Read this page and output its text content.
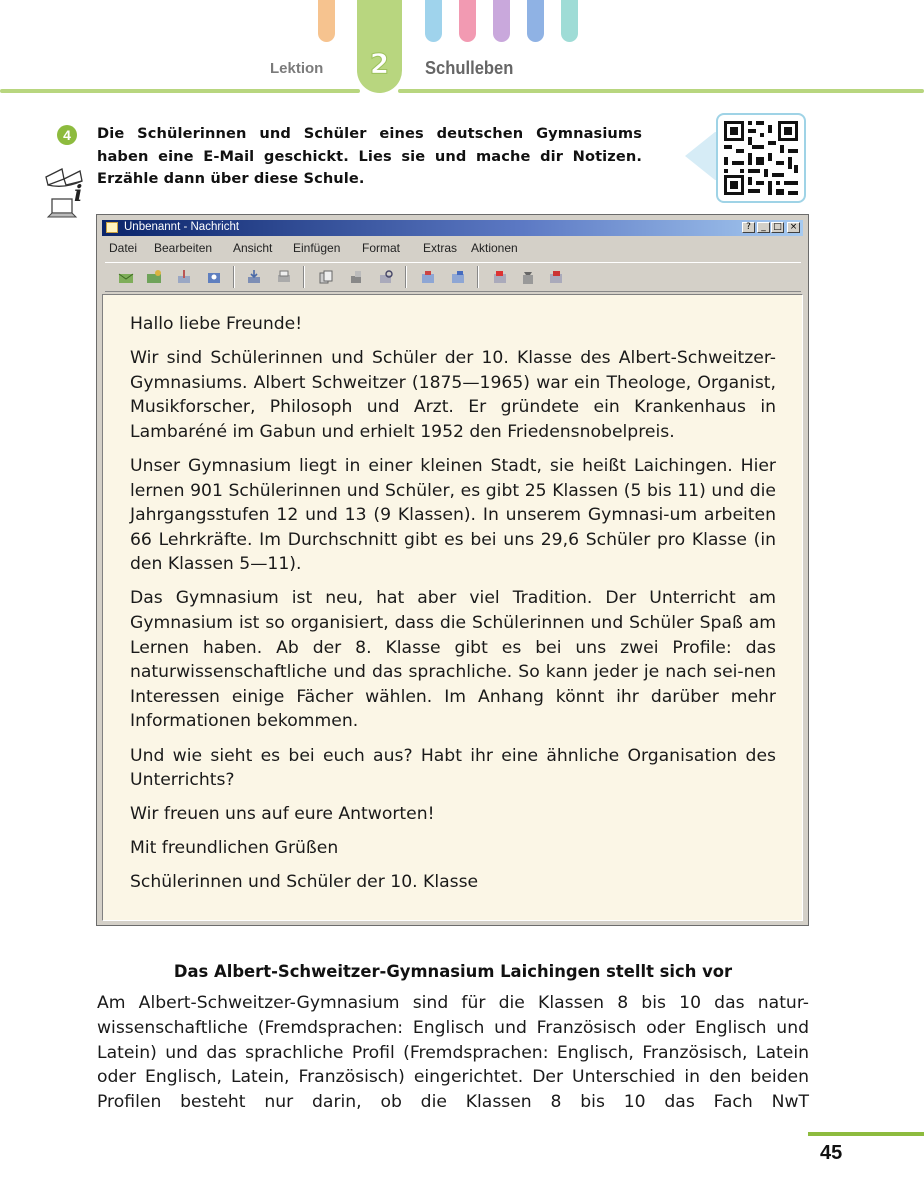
2
Lektion	Schulleben
4
i
Die Schülerinnen und Schüler eines deutschen Gymnasiums haben eine E-Mail geschickt. Lies sie und mache dir Notizen. Erzähle dann über diese Schule.
Unbenannt - Nachricht	?	_ □ ×
Datei Bearbeiten Ansicht Einfügen Format Extras Aktionen

Hallo liebe Freunde!

Wir sind Schülerinnen und Schüler der 10. Klasse des Albert-Schweitzer-Gymnasiums. Albert Schweitzer (1875—1965) war ein Theologe, Organist, Musikforscher, Philosoph und Arzt. Er gründete ein Krankenhaus in Lambaréné im Gabun und erhielt 1952 den Friedensnobelpreis.

Unser Gymnasium liegt in einer kleinen Stadt, sie heißt Laichingen. Hier lernen 901 Schülerinnen und Schüler, es gibt 25 Klassen (5 bis 11) und die Jahrgangsstufen 12 und 13 (9 Klassen). In unserem Gymnasi-um arbeiten 66 Lehrkräfte. Im Durchschnitt gibt es bei uns 29,6 Schüler pro Klasse (in den Klassen 5—11).

Das Gymnasium ist neu, hat aber viel Tradition. Der Unterricht am Gymnasium ist so organisiert, dass die Schülerinnen und Schüler Spaß am Lernen haben. Ab der 8. Klasse gibt es bei uns zwei Profile: das naturwissenschaftliche und das sprachliche. So kann jeder je nach sei-nen Interessen einige Fächer wählen. Im Anhang könnt ihr darüber mehr Informationen bekommen.

Und wie sieht es bei euch aus? Habt ihr eine ähnliche Organisation des Unterrichts?

Wir freuen uns auf eure Antworten!

Mit freundlichen Grüßen

Schülerinnen und Schüler der 10. Klasse

Das Albert-Schweitzer-Gymnasium Laichingen stellt sich vor
Am Albert-Schweitzer-Gymnasium sind für die Klassen 8 bis 10 das natur-wissenschaftliche (Fremdsprachen: Englisch und Französisch oder Englisch und Latein) und das sprachliche Profil (Fremdsprachen: Englisch, Französisch, Latein oder Englisch, Latein, Französisch) eingerichtet. Der Unterschied in den beiden Profilen besteht nur darin, ob die Klassen 8 bis 10 das Fach NwT
45
